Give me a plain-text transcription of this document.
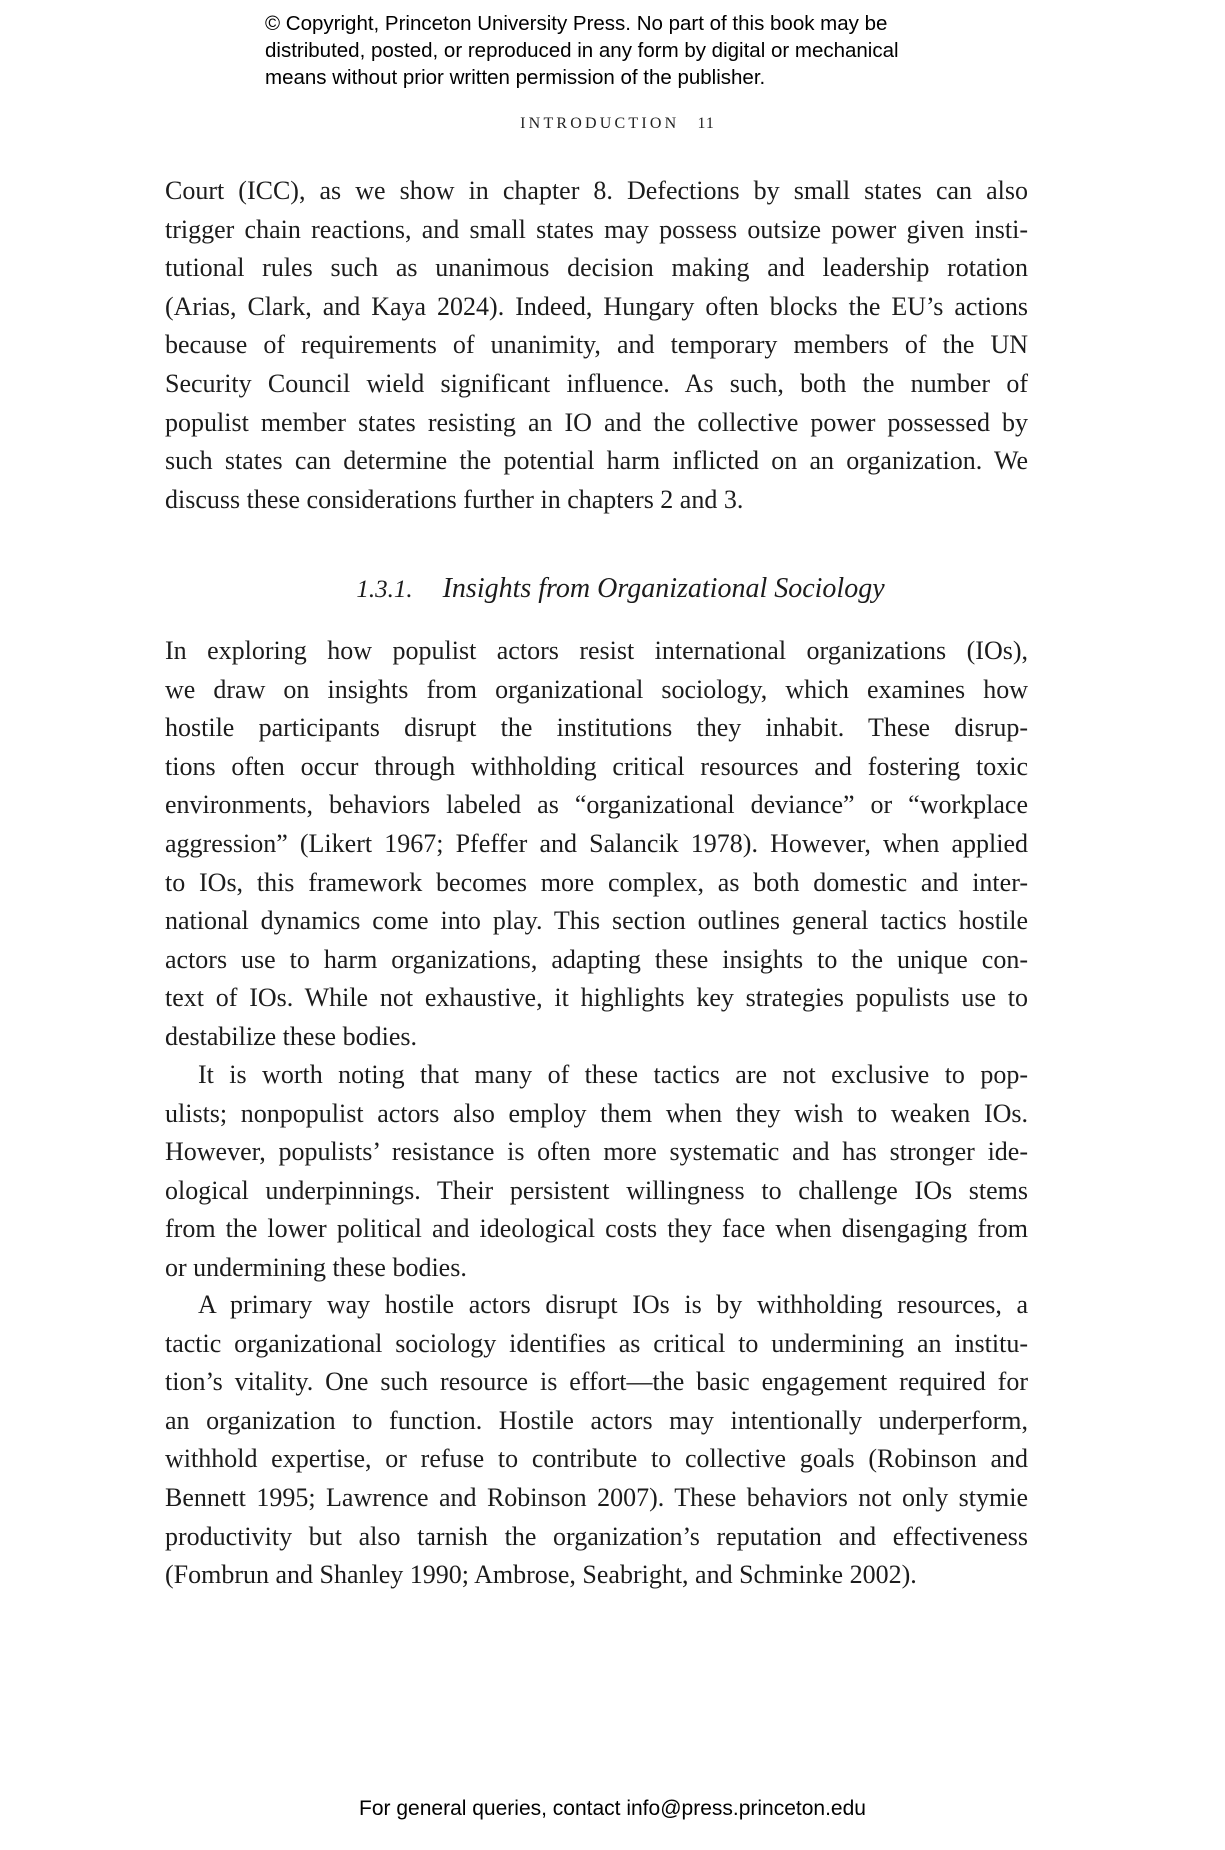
© Copyright, Princeton University Press. No part of this book may be
distributed, posted, or reproduced in any form by digital or mechanical
means without prior written permission of the publisher.
INTRODUCTION 11
Court (ICC), as we show in chapter 8. Defections by small states can also
trigger chain reactions, and small states may possess outsize power given insti-
tutional rules such as unanimous decision making and leadership rotation
(Arias, Clark, and Kaya 2024). Indeed, Hungary often blocks the EU’s actions
because of requirements of unanimity, and temporary members of the UN
Security Council wield significant influence. As such, both the number of
populist member states resisting an IO and the collective power possessed by
such states can determine the potential harm inflicted on an organization. We
discuss these considerations further in chapters 2 and 3.
1.3.1. Insights from Organizational Sociology
In exploring how populist actors resist international organizations (IOs),
we draw on insights from organizational sociology, which examines how
hostile participants disrupt the institutions they inhabit. These disrup-
tions often occur through withholding critical resources and fostering toxic
environments, behaviors labeled as “organizational deviance” or “workplace
aggression” (Likert 1967; Pfeffer and Salancik 1978). However, when applied
to IOs, this framework becomes more complex, as both domestic and inter-
national dynamics come into play. This section outlines general tactics hostile
actors use to harm organizations, adapting these insights to the unique con-
text of IOs. While not exhaustive, it highlights key strategies populists use to
destabilize these bodies.
It is worth noting that many of these tactics are not exclusive to pop-
ulists; nonpopulist actors also employ them when they wish to weaken IOs.
However, populists’ resistance is often more systematic and has stronger ide-
ological underpinnings. Their persistent willingness to challenge IOs stems
from the lower political and ideological costs they face when disengaging from
or undermining these bodies.
A primary way hostile actors disrupt IOs is by withholding resources, a
tactic organizational sociology identifies as critical to undermining an institu-
tion’s vitality. One such resource is effort—the basic engagement required for
an organization to function. Hostile actors may intentionally underperform,
withhold expertise, or refuse to contribute to collective goals (Robinson and
Bennett 1995; Lawrence and Robinson 2007). These behaviors not only stymie
productivity but also tarnish the organization’s reputation and effectiveness
(Fombrun and Shanley 1990; Ambrose, Seabright, and Schminke 2002).
For general queries, contact info@press.princeton.edu
